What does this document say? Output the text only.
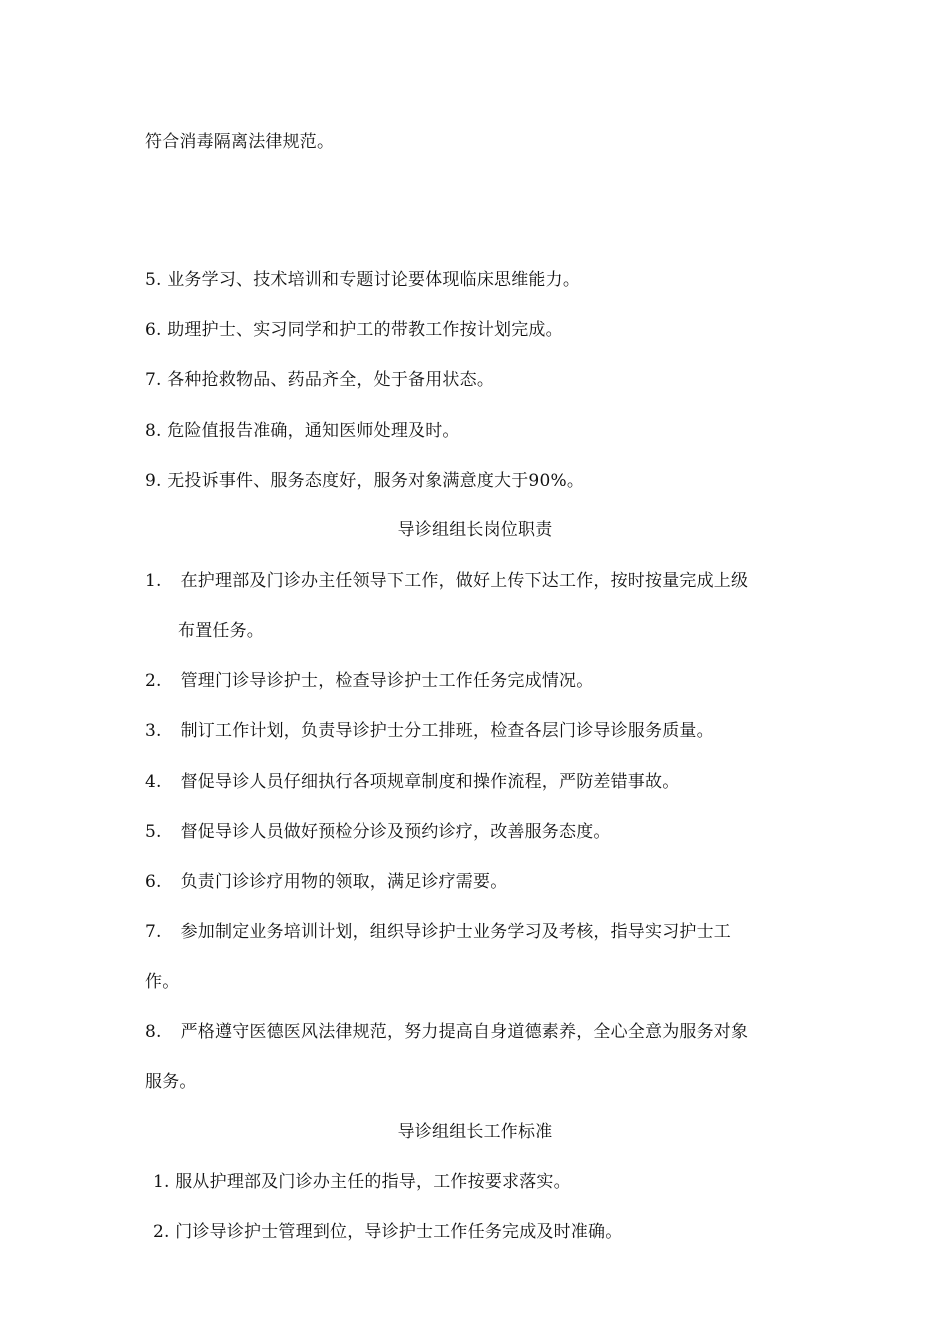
符合消毒隔离法律规范。
5. 业务学习、技术培训和专题讨论要体现临床思维能力。
6. 助理护士、实习同学和护工的带教工作按计划完成。
7. 各种抢救物品、药品齐全，处于备用状态。
8. 危险值报告准确，通知医师处理及时。
9. 无投诉事件、服务态度好，服务对象满意度大于90%。
导诊组组长岗位职责
1. 在护理部及门诊办主任领导下工作，做好上传下达工作，按时按量完成上级
布置任务。
2. 管理门诊导诊护士，检查导诊护士工作任务完成情况。
3. 制订工作计划，负责导诊护士分工排班，检查各层门诊导诊服务质量。
4. 督促导诊人员仔细执行各项规章制度和操作流程，严防差错事故。
5. 督促导诊人员做好预检分诊及预约诊疗，改善服务态度。
6. 负责门诊诊疗用物的领取，满足诊疗需要。
7. 参加制定业务培训计划，组织导诊护士业务学习及考核，指导实习护士工
作。
8. 严格遵守医德医风法律规范，努力提高自身道德素养，全心全意为服务对象
服务。
导诊组组长工作标准
1. 服从护理部及门诊办主任的指导，工作按要求落实。
2. 门诊导诊护士管理到位，导诊护士工作任务完成及时准确。
